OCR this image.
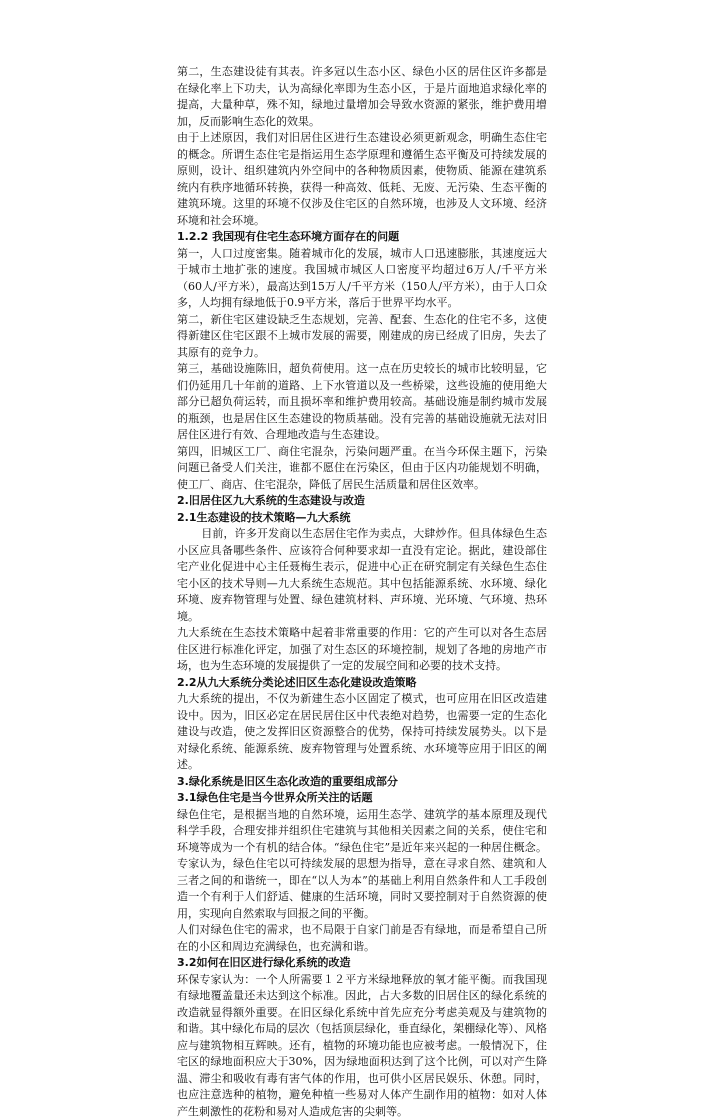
第二，生态建设徒有其表。许多冠以生态小区、绿色小区的居住区许多都是在绿化率上下功夫，认为高绿化率即为生态小区，于是片面地追求绿化率的提高，大量种草，殊不知，绿地过量增加会导致水资源的紧张，维护费用增加，反而影响生态化的效果。

由于上述原因，我们对旧居住区进行生态建设必须更新观念，明确生态住宅的概念。所谓生态住宅是指运用生态学原理和遵循生态平衡及可持续发展的原则，设计、组织建筑内外空间中的各种物质因素，使物质、能源在建筑系统内有秩序地循环转换，获得一种高效、低耗、无废、无污染、生态平衡的建筑环境。这里的环境不仅涉及住宅区的自然环境，也涉及人文环境、经济环境和社会环境。

1.2.2 我国现有住宅生态环境方面存在的问题

第一，人口过度密集。随着城市化的发展，城市人口迅速膨胀，其速度远大于城市土地扩张的速度。我国城市城区人口密度平均超过6万人/千平方米（60人/平方米），最高达到15万人/千平方米（150人/平方米），由于人口众多，人均拥有绿地低于0.9平方米，落后于世界平均水平。

第二，新住宅区建设缺乏生态规划，完善、配套、生态化的住宅不多，这使得新建区住宅区跟不上城市发展的需要，刚建成的房已经成了旧房，失去了其原有的竞争力。

第三，基础设施陈旧，超负荷使用。这一点在历史较长的城市比较明显，它们仍延用几十年前的道路、上下水管道以及一些桥梁，这些设施的使用绝大部分已超负荷运转，而且损坏率和维护费用较高。基础设施是制约城市发展的瓶颈，也是居住区生态建设的物质基础。没有完善的基础设施就无法对旧居住区进行有效、合理地改造与生态建设。

第四，旧城区工厂、商住宅混杂，污染问题严重。在当今环保主题下，污染问题已备受人们关注，谁都不愿住在污染区，但由于区内功能规划不明确，使工厂、商店、住宅混杂，降低了居民生活质量和居住区效率。

2.旧居住区九大系统的生态建设与改造

2.1生态建设的技术策略—九大系统

目前，许多开发商以生态居住宅作为卖点，大肆炒作。但具体绿色生态小区应具备哪些条件、应该符合何种要求却一直没有定论。据此，建设部住宅产业化促进中心主任聂梅生表示，促进中心正在研究制定有关绿色生态住宅小区的技术导则—九大系统生态规范。其中包括能源系统、水环境、绿化环境、废弃物管理与处置、绿色建筑材料、声环境、光环境、气环境、热环境。

九大系统在生态技术策略中起着非常重要的作用：它的产生可以对各生态居住区进行标准化评定，加强了对生态区的环境控制，规划了各地的房地产市场，也为生态环境的发展提供了一定的发展空间和必要的技术支持。

2.2从九大系统分类论述旧区生态化建设改造策略

九大系统的提出，不仅为新建生态小区固定了模式，也可应用在旧区改造建设中。因为，旧区必定在居民居住区中代表绝对趋势，也需要一定的生态化建设与改造，使之发挥旧区资源整合的优势，保持可持续发展势头。以下是对绿化系统、能源系统、废弃物管理与处置系统、水环境等应用于旧区的阐述。

3.绿化系统是旧区生态化改造的重要组成部分

3.1绿色住宅是当今世界众所关注的话题

绿色住宅，是根据当地的自然环境，运用生态学、建筑学的基本原理及现代科学手段，合理安排并组织住宅建筑与其他相关因素之间的关系，使住宅和环境等成为一个有机的结合体。“绿色住宅”是近年来兴起的一种居住概念。专家认为，绿色住宅以可持续发展的思想为指导，意在寻求自然、建筑和人三者之间的和谐统一，即在“以人为本”的基础上利用自然条件和人工手段创造一个有利于人们舒适、健康的生活环境，同时又要控制对于自然资源的使用，实现向自然索取与回报之间的平衡。

人们对绿色住宅的需求，也不局限于自家门前是否有绿地，而是希望自己所在的小区和周边充满绿色，也充满和谐。

3.2如何在旧区进行绿化系统的改造

环保专家认为：一个人所需要１２平方米绿地释放的氧才能平衡。而我国现有绿地覆盖量还未达到这个标准。因此，占大多数的旧居住区的绿化系统的改造就显得额外重要。在旧区绿化系统中首先应充分考虑美观及与建筑物的和谐。其中绿化布局的层次（包括顶层绿化，垂直绿化，架棚绿化等）、风格应与建筑物相互辉映。还有，植物的环境功能也应被考虑。一般情况下，住宅区的绿地面积应大于30%，因为绿地面积达到了这个比例，可以对产生降温、滞尘和吸收有毒有害气体的作用，也可供小区居民娱乐、休憩。同时，也应注意选种的植物，避免种植一些易对人体产生副作用的植物：如对人体产生刺激性的花粉和易对人造成危害的尖刺等。
